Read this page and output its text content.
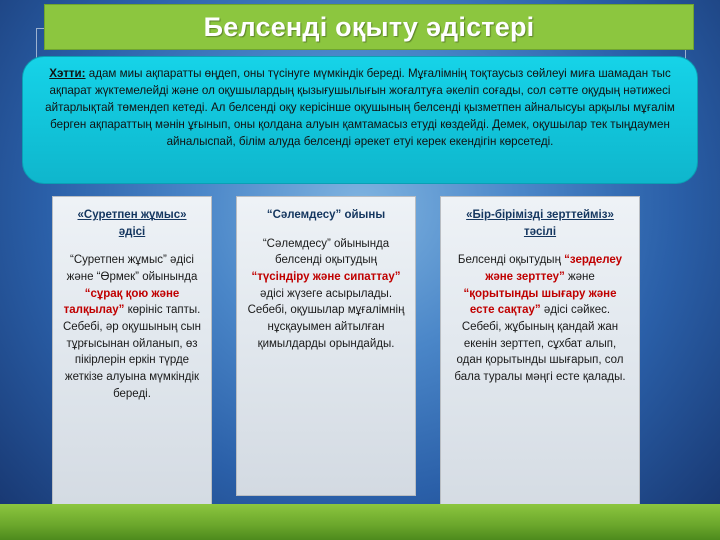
Белсенді оқыту әдістері

Хэтти: адам миы ақпаратты өңдеп, оны түсінуге мүмкіндік береді. Мұғалімнің тоқтаусыз сөйлеуі миға шамадан тыс ақпарат жүктемелейді және ол оқушылардың қызығушылығын жоғалтуға әкеліп соғады, сол сәтте оқудың нәтижесі айтарлықтай төмендеп кетеді. Ал белсенді оқу керісінше оқушының белсенді қызметпен айналысуы арқылы мұғалім берген ақпараттың мәнін ұғынып, оны қолдана алуын қамтамасыз етуді көздейді. Демек, оқушылар тек тыңдаумен айналыспай, білім алуда белсенді әрекет етуі керек екендігін көрсетеді.

«Суретпен жұмыс» әдісі
“Суретпен жұмыс” әдісі және “Өрмек” ойынында “сұрақ қою және талқылау” көрініс тапты. Себебі, әр оқушының сын тұрғысынан ойланып, өз пікірлерін еркін түрде жеткізе алуына мүмкіндік береді.
“Сәлемдесу” ойыны
“Сәлемдесу” ойынында белсенді оқытудың “түсіндіру және сипаттау” әдісі жүзеге асырылады. Себебі, оқушылар мұғалімнің нұсқауымен айтылған қимылдарды орындайды.
«Бір-бірімізді зерттейміз» тәсілі
Белсенді оқытудың “зерделеу және зерттеу” және “қорытынды шығару және есте сақтау” әдісі сәйкес. Себебі, жұбының қандай жан екенін зерттеп, сұхбат алып, одан қорытынды шығарып, сол бала туралы мәңгі есте қалады.
